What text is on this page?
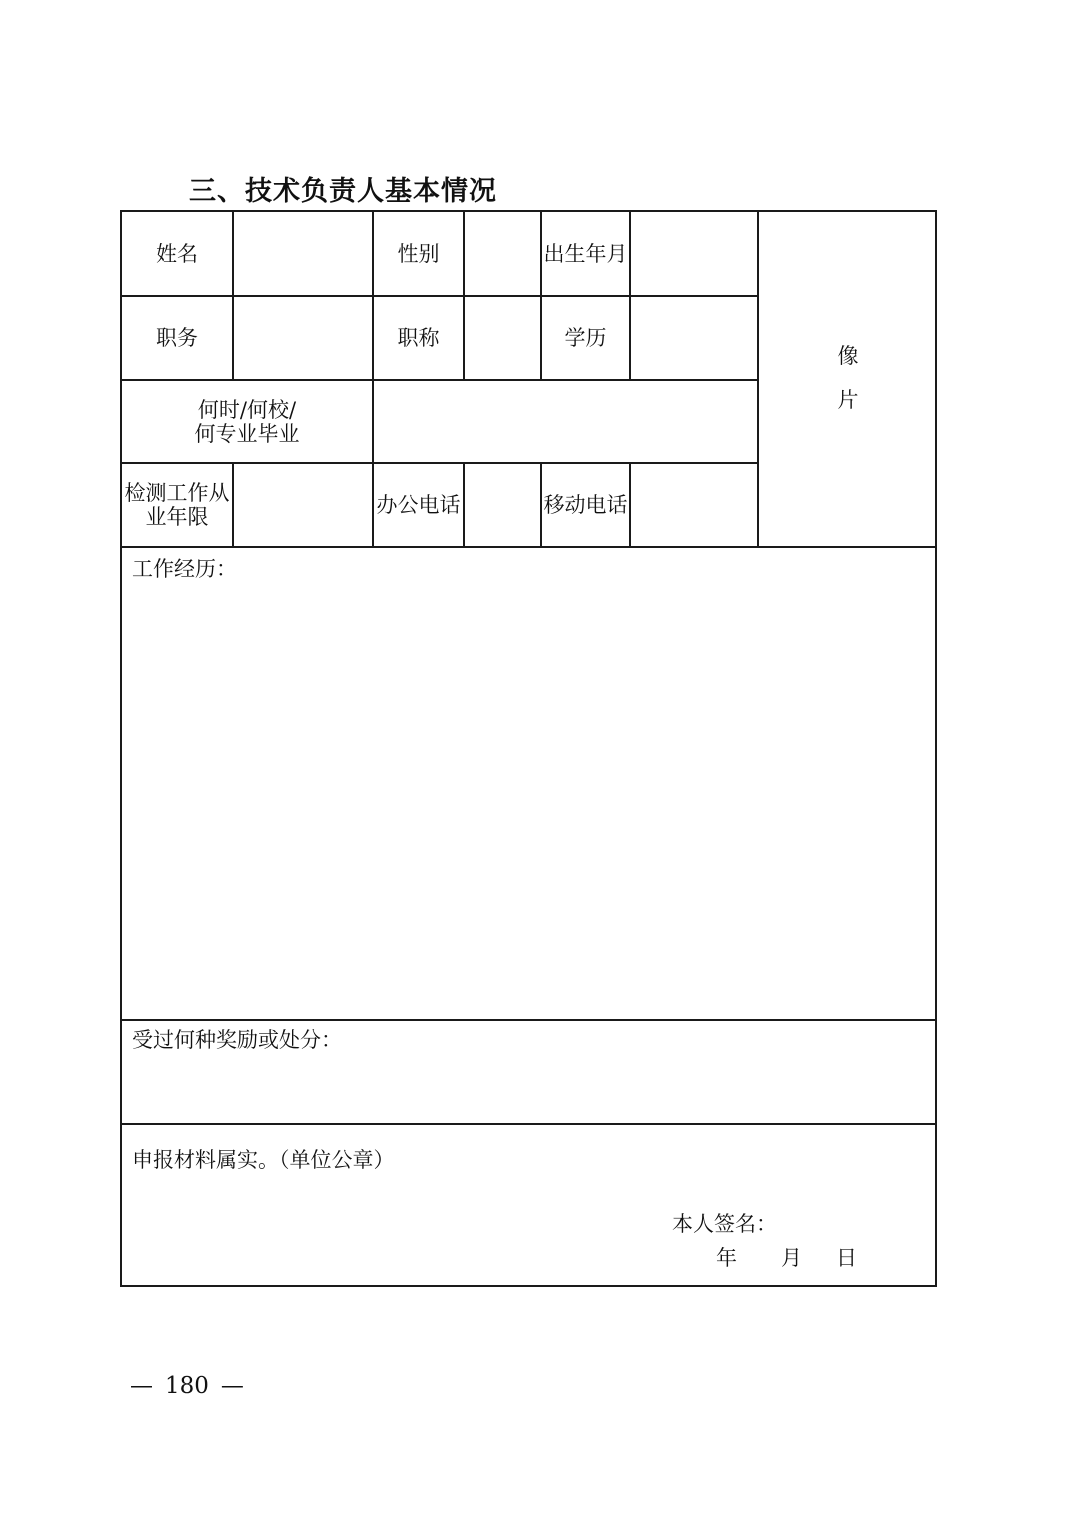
三、技术负责人基本情况
姓名	性别	出生年月
职务	职称	学历
何时/何校/
何专业毕业
检测工作从
业年限	办公电话	移动电话
像
片
工作经历：
受过何种奖励或处分：
申报材料属实。（单位公章）
本人签名：
年 月 日
— 180 —
